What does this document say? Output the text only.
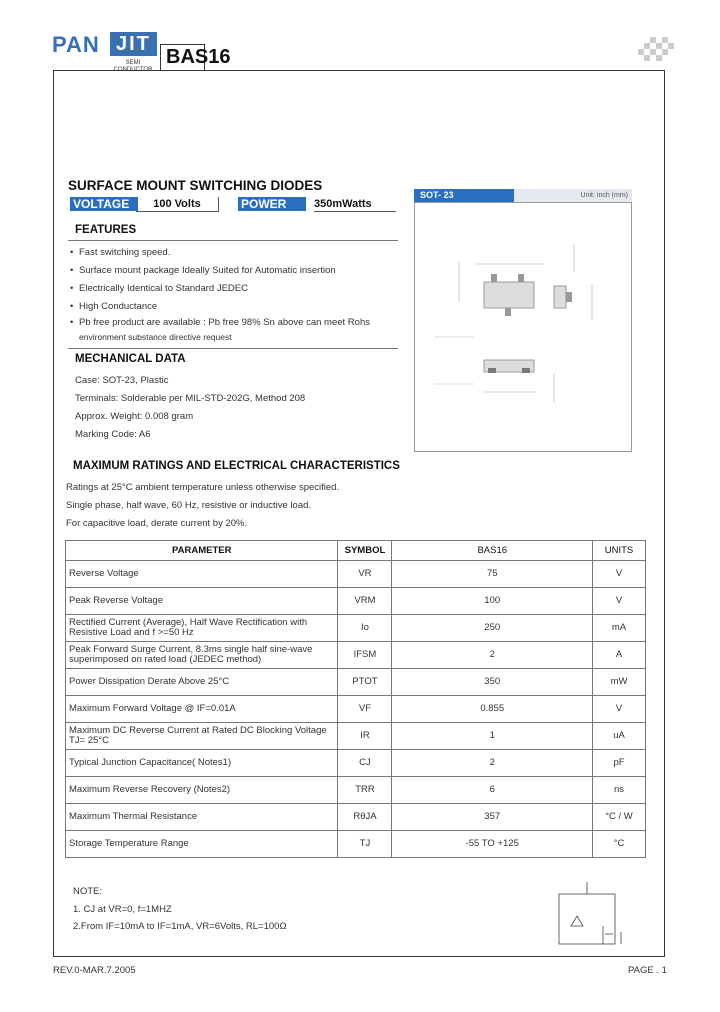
PAN JIT
SEMI CONDUCTOR
BAS16
SURFACE MOUNT SWITCHING DIODES
VOLTAGE	100 Volts	POWER	350mWatts
FEATURES
• Fast switching speed.
• Surface mount package Ideally Suited for Automatic insertion
• Electrically Identical to Standard JEDEC
• High Conductance
• Pb free product are available : Pb free 98% Sn above can meet Rohs
environment substance directive request
MECHANICAL DATA
Case: SOT-23, Plastic
Terminals: Solderable per MIL-STD-202G, Method 208
Approx. Weight: 0.008 gram
Marking Code: A6
SOT- 23	Unit: inch (mm)
MAXIMUM RATINGS AND ELECTRICAL CHARACTERISTICS
Ratings at 25°C ambient temperature unless otherwise specified.
Single phase, half wave, 60 Hz, resistive or inductive load.
For capacitive load, derate current by 20%.
PARAMETER	SYMBOL	BAS16	UNITS
Reverse Voltage	VR	75	V
Peak Reverse Voltage	VRM	100	V
Rectified Current (Average), Half Wave Rectification with Resistive Load and f >=50 Hz	Io	250	mA
Peak Forward Surge Current, 8.3ms single half sine-wave superimposed on rated load (JEDEC method)	IFSM	2	A
Power Dissipation Derate Above 25°C	PTOT	350	mW
Maximum Forward Voltage @ IF=0.01A	VF	0.855	V
Maximum DC Reverse Current at Rated DC Blocking Voltage TJ= 25°C	IR	1	uA
Typical Junction Capacitance( Notes1)	CJ	2	pF
Maximum Reverse Recovery (Notes2)	TRR	6	ns
Maximum Thermal Resistance	RθJA	357	°C / W
Storage Temperature Range	TJ	-55 TO +125	°C
NOTE:
1. CJ at VR=0, f=1MHZ
2.From IF=10mA to IF=1mA, VR=6Volts, RL=100Ω
REV.0-MAR.7.2005	PAGE . 1
